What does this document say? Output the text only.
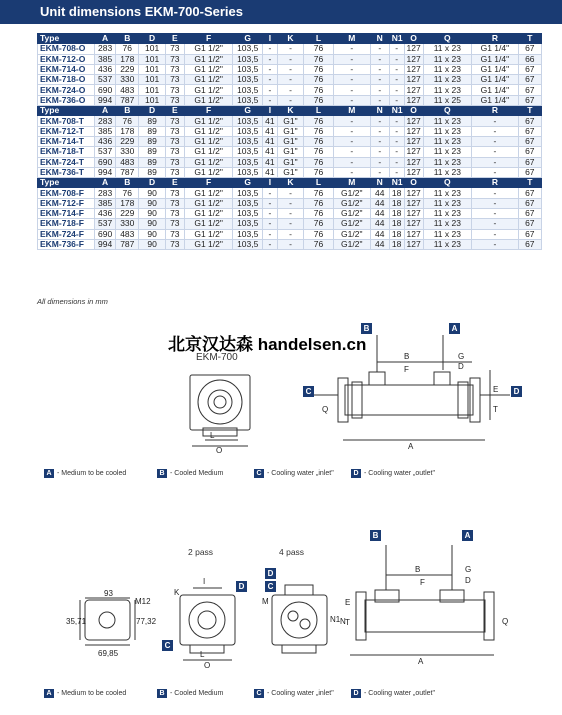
Unit dimensions EKM-700-Series
Type	A	B	D	E	F	G	I	K	L	M	N	N1	O	Q	R	T
EKM-708-O	283	76	101	73	G1 1/2"	103,5	-	-	76	-	-	-	127	11 x 23	G1 1/4"	67
EKM-712-O	385	178	101	73	G1 1/2"	103,5	-	-	76	-	-	-	127	11 x 23	G1 1/4"	66
EKM-714-O	436	229	101	73	G1 1/2"	103,5	-	-	76	-	-	-	127	11 x 23	G1 1/4"	67
EKM-718-O	537	330	101	73	G1 1/2"	103,5	-	-	76	-	-	-	127	11 x 23	G1 1/4"	67
EKM-724-O	690	483	101	73	G1 1/2"	103,5	-	-	76	-	-	-	127	11 x 23	G1 1/4"	67
EKM-736-O	994	787	101	73	G1 1/2"	103,5	-	-	76	-	-	-	127	11 x 25	G1 1/4"	67
Type	A	B	D	E	F	G	I	K	L	M	N	N1	O	Q	R	T
EKM-708-T	283	76	89	73	G1 1/2"	103,5	41	G1"	76	-	-	-	127	11 x 23	-	67
EKM-712-T	385	178	89	73	G1 1/2"	103,5	41	G1"	76	-	-	-	127	11 x 23	-	67
EKM-714-T	436	229	89	73	G1 1/2"	103,5	41	G1"	76	-	-	-	127	11 x 23	-	67
EKM-718-T	537	330	89	73	G1 1/2"	103,5	41	G1"	76	-	-	-	127	11 x 23	-	67
EKM-724-T	690	483	89	73	G1 1/2"	103,5	41	G1"	76	-	-	-	127	11 x 23	-	67
EKM-736-T	994	787	89	73	G1 1/2"	103,5	41	G1"	76	-	-	-	127	11 x 23	-	67
Type	A	B	D	E	F	G	I	K	L	M	N	N1	O	Q	R	T
EKM-708-F	283	76	90	73	G1 1/2"	103,5	-	-	76	G1/2"	44	18	127	11 x 23	-	67
EKM-712-F	385	178	90	73	G1 1/2"	103,5	-	-	76	G1/2"	44	18	127	11 x 23	-	67
EKM-714-F	436	229	90	73	G1 1/2"	103,5	-	-	76	G1/2"	44	18	127	11 x 23	-	67
EKM-718-F	537	330	90	73	G1 1/2"	103,5	-	-	76	G1/2"	44	18	127	11 x 23	-	67
EKM-724-F	690	483	90	73	G1 1/2"	103,5	-	-	76	G1/2"	44	18	127	11 x 23	-	67
EKM-736-F	994	787	90	73	G1 1/2"	103,5	-	-	76	G1/2"	44	18	127	11 x 23	-	67
All dimensions in mm
北京汉达森 handelsen.cn
EKM-700
L
O
B	G
D
F
E
T
Q
A
93
M12
35,71	77,32
69,85
K
I
L
O
M
N1 N
B	G
D
F
E
T	Q
A
B	A
C	D
B	A
D
C
D
C
2 pass	4 pass
A - Medium to be cooled	B - Cooled Medium	C - Cooling water „inlet"	D - Cooling water „outlet"
A - Medium to be cooled	B - Cooled Medium	C - Cooling water „inlet"	D - Cooling water „outlet"
